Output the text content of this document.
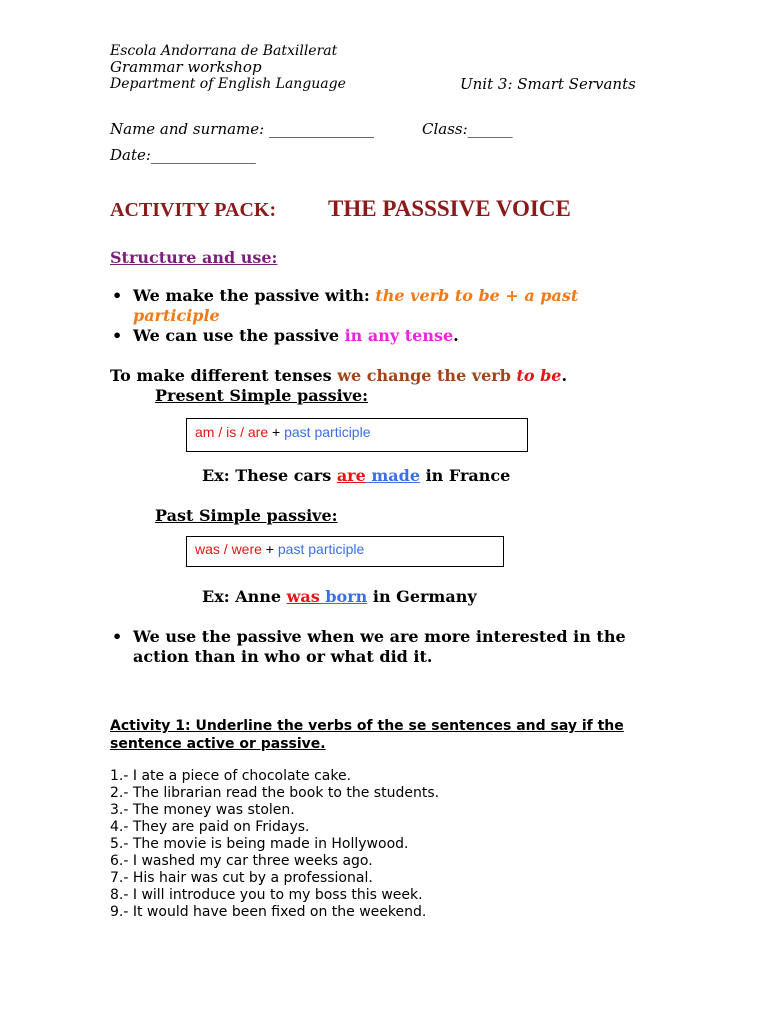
Escola Andorrana de Batxillerat
Grammar workshop
Department of English Language	Unit 3: Smart Servants
Name and surname: ______________	Class:______
Date:______________
ACTIVITY PACK: THE PASSSIVE VOICE
Structure and use:
• We make the passive with: the verb to be + a past
participle
• We can use the passive in any tense.
To make different tenses we change the verb to be.
Present Simple passive:
am / is / are + past participle
Ex: These cars are made in France
Past Simple passive:
was / were + past participle
Ex: Anne was born in Germany
• We use the passive when we are more interested in the
action than in who or what did it.
Activity 1: Underline the verbs of the se sentences and say if the
sentence active or passive.
1.- I ate a piece of chocolate cake.
2.- The librarian read the book to the students.
3.- The money was stolen.
4.- They are paid on Fridays.
5.- The movie is being made in Hollywood.
6.- I washed my car three weeks ago.
7.- His hair was cut by a professional.
8.- I will introduce you to my boss this week.
9.- It would have been fixed on the weekend.
